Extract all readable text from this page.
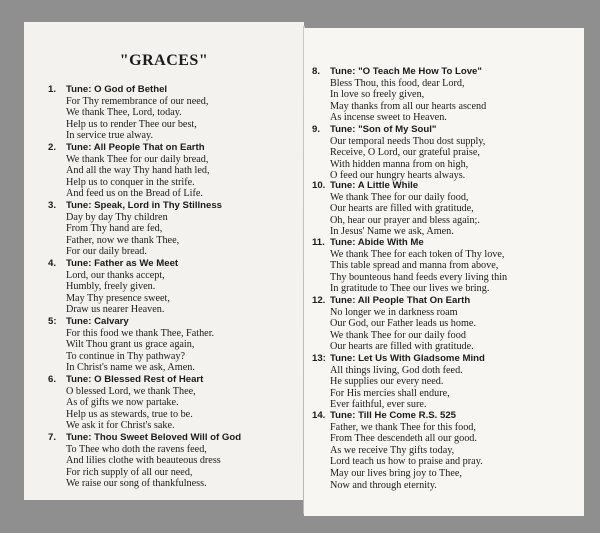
"GRACES"
1.	Tune: O God of Bethel
For Thy remembrance of our need,
We thank Thee, Lord, today.
Help us to render Thee our best,
In service true alway.
2.	Tune: All People That on Earth
We thank Thee for our daily bread,
And all the way Thy hand hath led,
Help us to conquer in the strife.
And feed us on the Bread of Life.
3.	Tune: Speak, Lord in Thy Stillness
Day by day Thy children
From Thy hand are fed,
Father, now we thank Thee,
For our daily bread.
4.	Tune: Father as We Meet
Lord, our thanks accept,
Humbly, freely given.
May Thy presence sweet,
Draw us nearer Heaven.
5: Tune: Calvary
For this food we thank Thee, Father.
Wilt Thou grant us grace again,
To continue in Thy pathway?
In Christ's name we ask, Amen.
6.	Tune: O Blessed Rest of Heart
O blessed Lord, we thank Thee,
As of gifts we now partake.
Help us as stewards, true to be.
We ask it for Christ's sake.
7.	Tune: Thou Sweet Beloved Will of God
To Thee who doth the ravens feed,
And lilies clothe with beauteous dress
For rich supply of all our need,
We raise our song of thankfulness.
8.	Tune: "O Teach Me How To Love"
Bless Thou, this food, dear Lord,
In love so freely given,
May thanks from all our hearts ascend
As incense sweet to Heaven.
9.	Tune: "Son of My Soul"
Our temporal needs Thou dost supply,
Receive, O Lord, our grateful praise,
With hidden manna from on high,
O feed our hungry hearts always.
10. Tune: A Little While
We thank Thee for our daily food,
Our hearts are filled with gratitude,
Oh, hear our prayer and bless again;.
In Jesus' Name we ask, Amen.
11. Tune: Abide With Me
We thank Thee for each token of Thy love,
This table spread and manna from above,
Thy bounteous hand feeds every living thin
In gratitude to Thee our lives we bring.
12. Tune: All People That On Earth
No longer we in darkness roam
Our God, our Father leads us home.
We thank Thee for our daily food
Our hearts are filled with gratitude.
13: Tune: Let Us With Gladsome Mind
All things living, God doth feed.
He supplies our every need.
For His mercies shall endure,
Ever faithful, ever sure.
14. Tune: Till He Come R.S. 525
Father, we thank Thee for this food,
From Thee descendeth all our good.
As we receive Thy gifts today,
Lord teach us how to praise and pray.
May our lives bring joy to Thee,
Now and through eternity.
